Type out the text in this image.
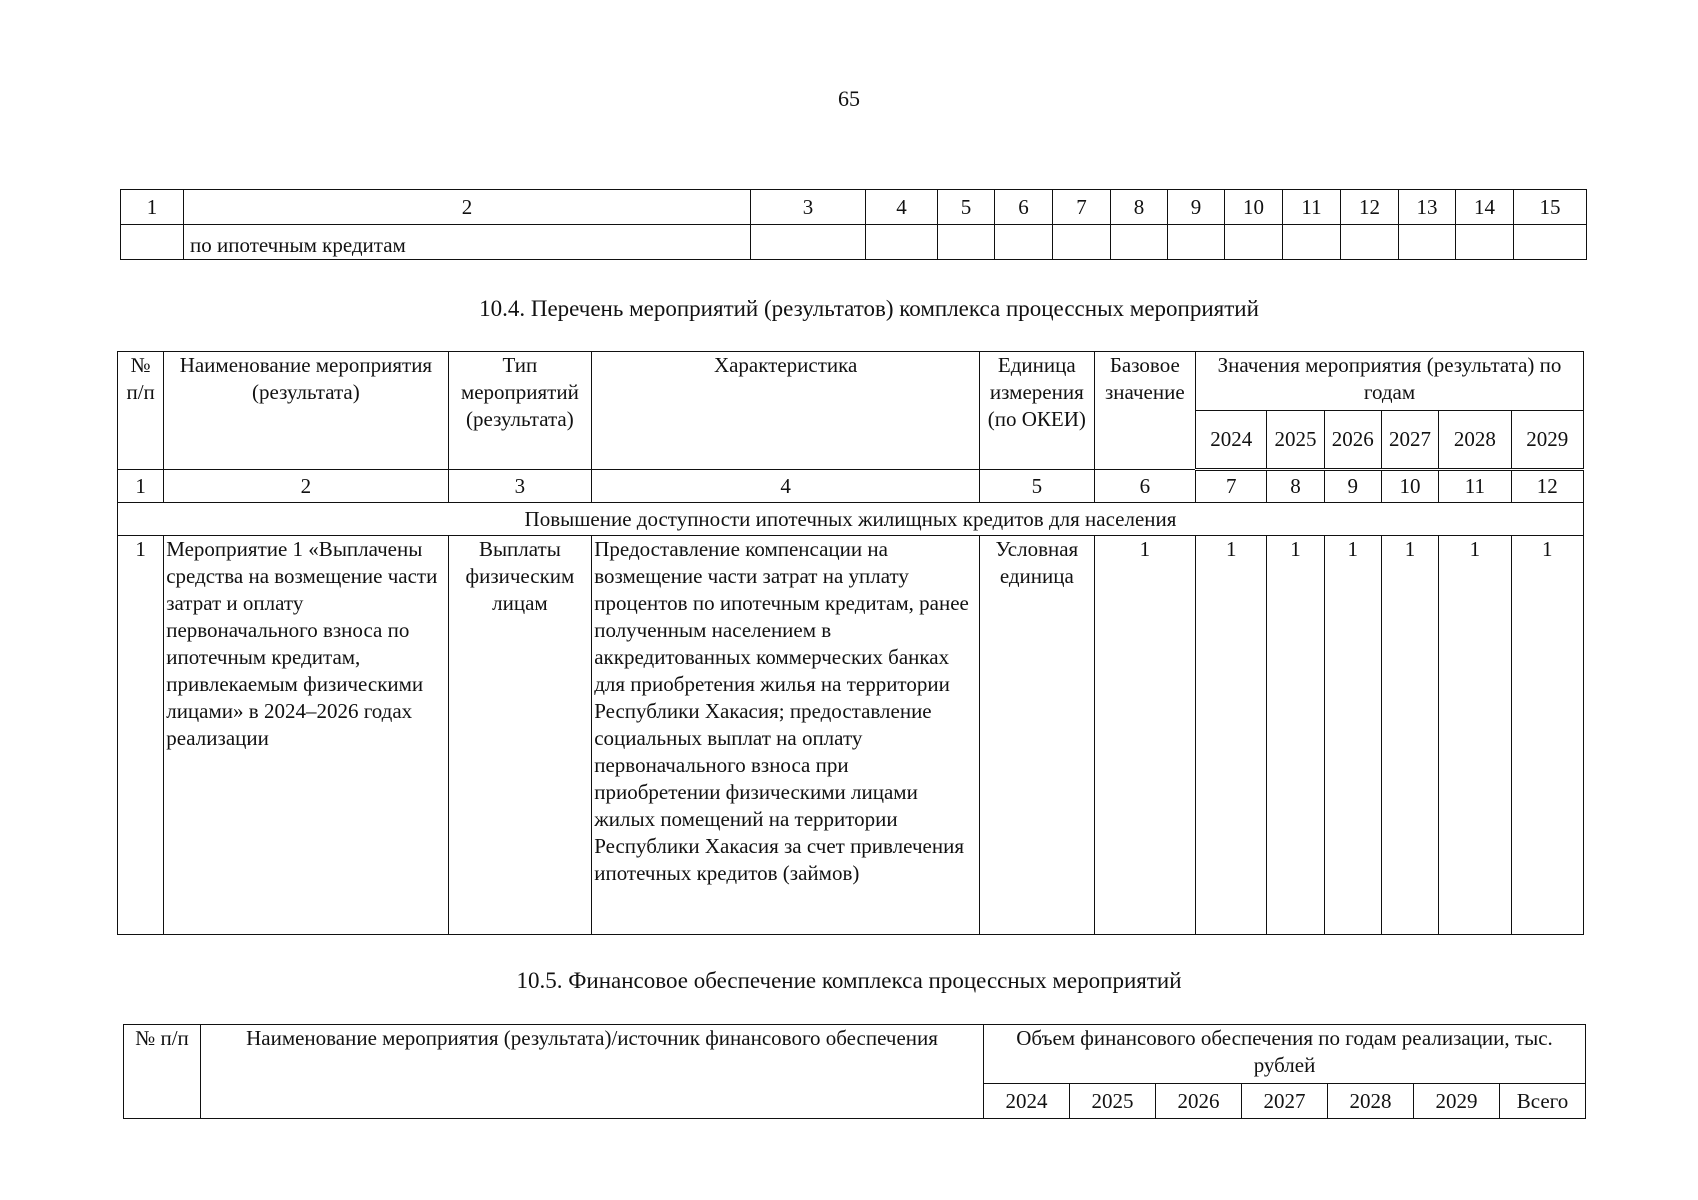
65
1	2	3	4	5	6	7	8	9	10	11	12	13	14	15
	по ипотечным кредитам													
10.4. Перечень мероприятий (результатов) комплекса процессных мероприятий
№ п/п	Наименование мероприятия (результата)	Тип мероприятий (результата)	Характеристика	Единица измерения (по ОКЕИ)	Базовое значение	Значения мероприятия (результата) по годам					
						2024	2025	2026	2027	2028	2029
1	2	3	4	5	6	7	8	9	10	11	12
Повышение доступности ипотечных жилищных кредитов для населения											
1	Мероприятие 1 «Выплачены средства на возмещение части затрат и оплату первоначального взноса по ипотечным кредитам, привлекаемым физическими лицами» в 2024–2026 годах реализации	Выплаты физическим лицам	Предоставление компенсации на возмещение части затрат на уплату процентов по ипотечным кредитам, ранее полученным населением в аккредитованных коммерческих банках для приобретения жилья на территории Республики Хакасия; предоставление социальных выплат на оплату первоначального взноса при приобретении физическими лицами жилых помещений на территории Республики Хакасия за счет привлечения ипотечных кредитов (займов)	Условная единица	1	1	1	1	1	1	1
10.5. Финансовое обеспечение комплекса процессных мероприятий
№ п/п	Наименование мероприятия (результата)/источник финансового обеспечения	Объем финансового обеспечения по годам реализации, тыс. рублей						
		2024	2025	2026	2027	2028	2029	Всего
